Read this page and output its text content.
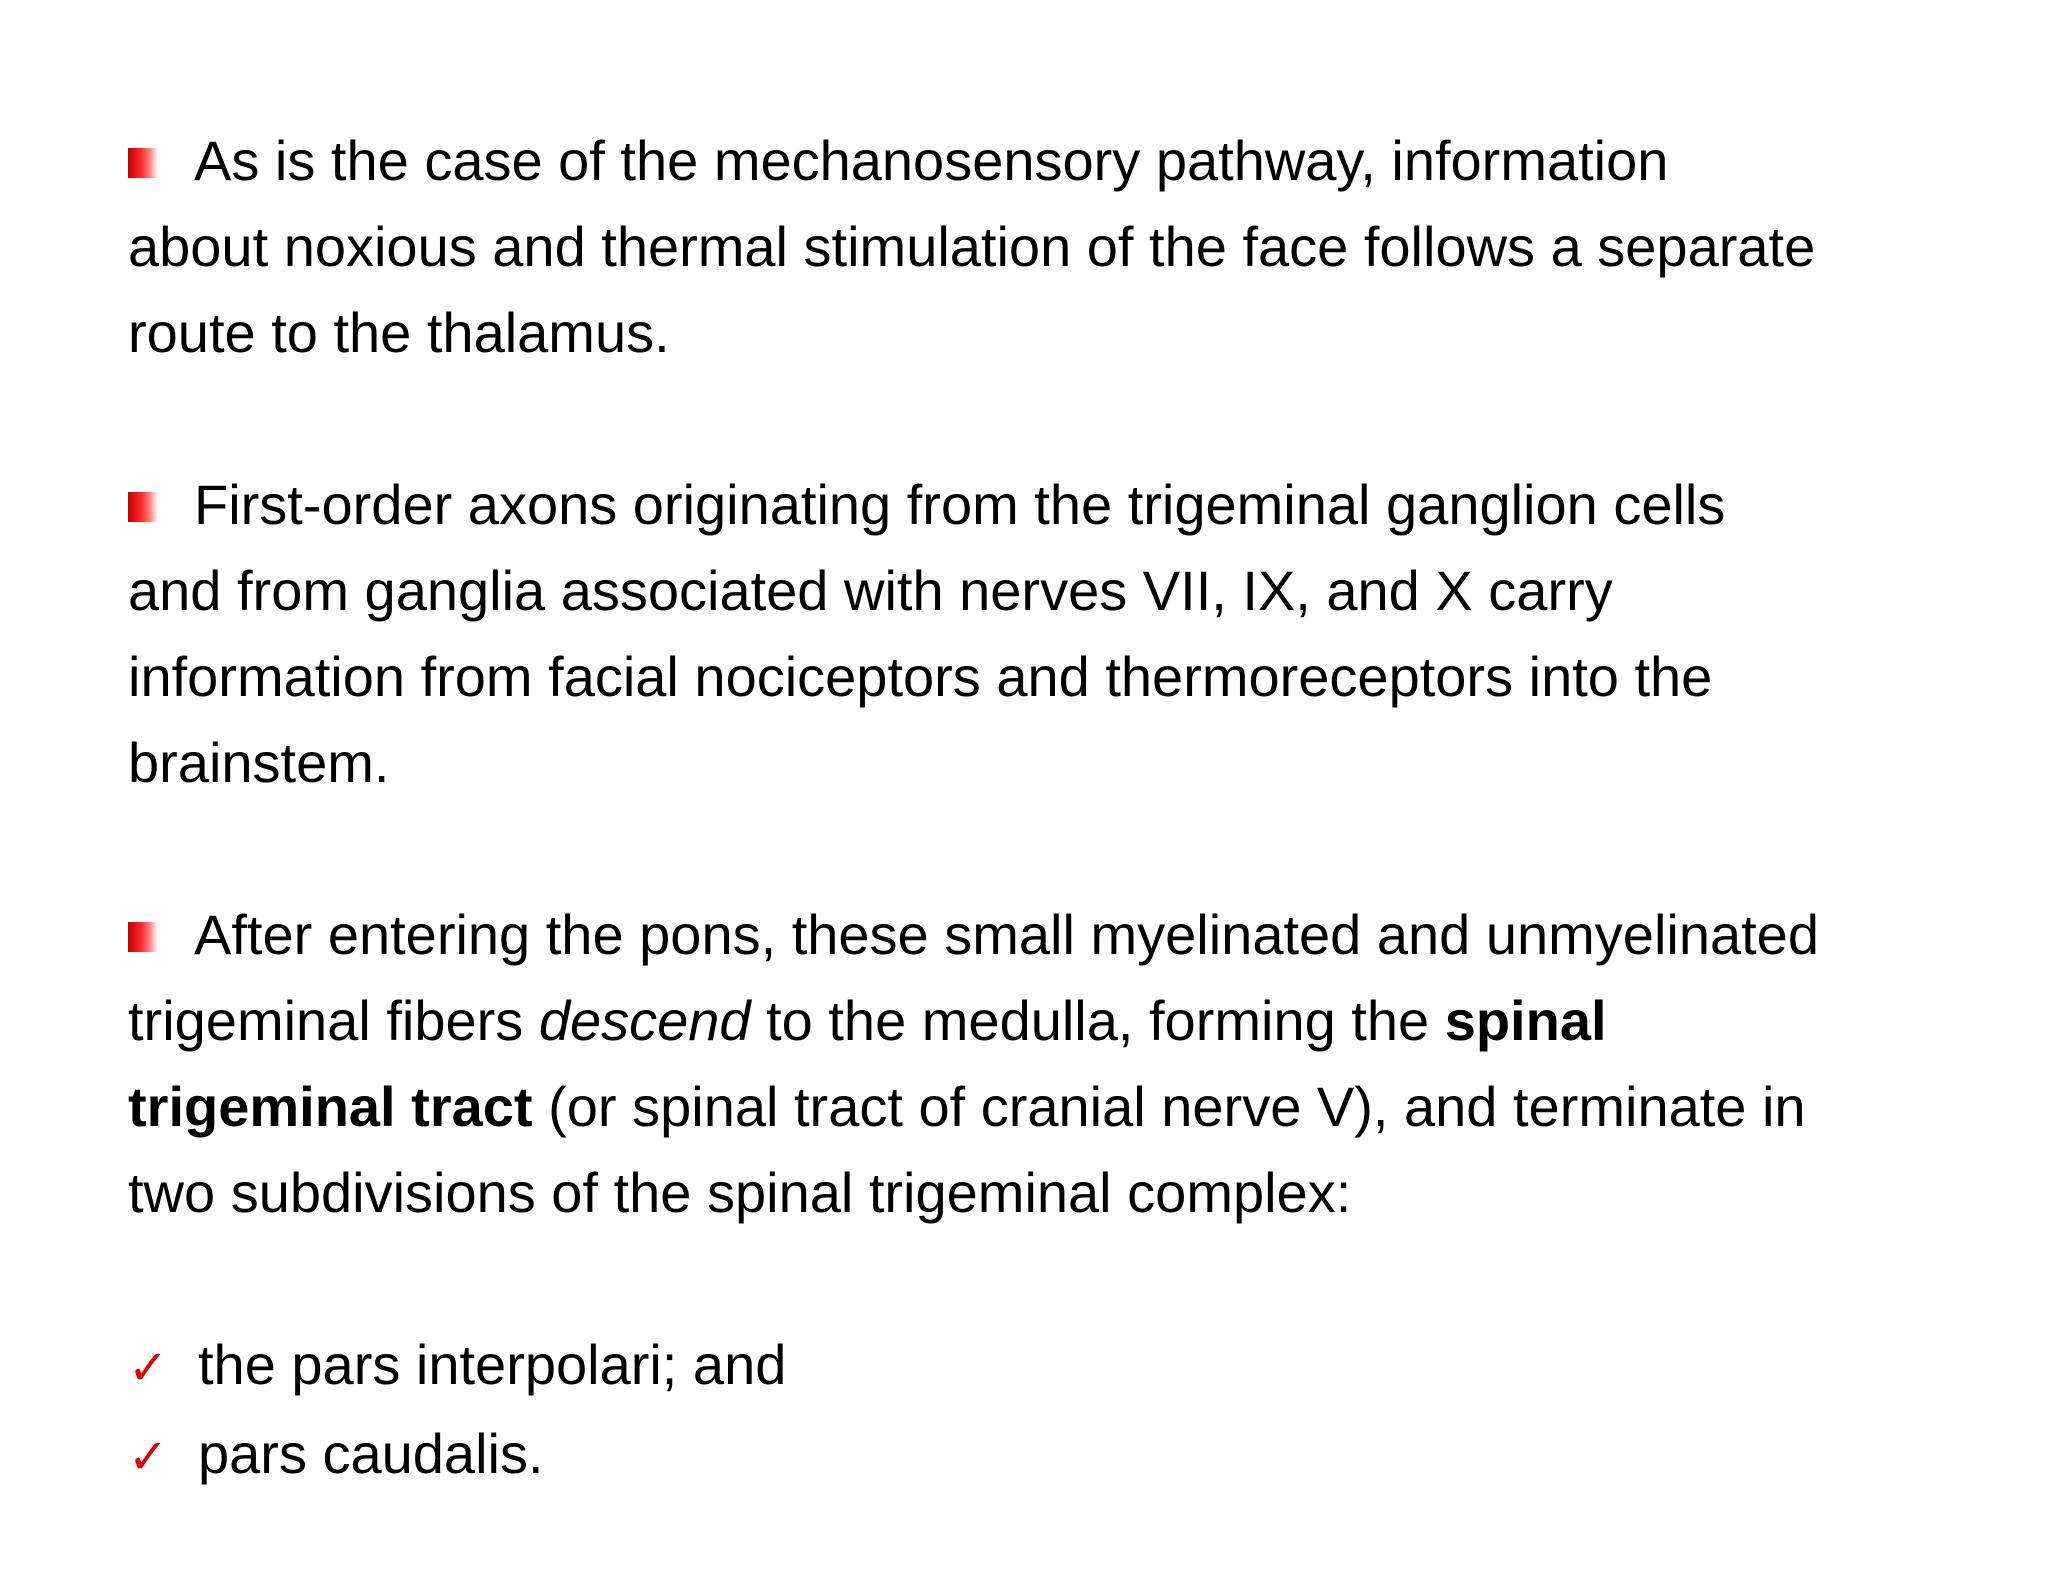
As is the case of the mechanosensory pathway, information
about noxious and thermal stimulation of the face follows a separate
route to the thalamus.

First-order axons originating from the trigeminal ganglion cells
and from ganglia associated with nerves VII, IX, and X carry
information from facial nociceptors and thermoreceptors into the
brainstem.

After entering the pons, these small myelinated and unmyelinated
trigeminal fibers descend to the medulla, forming the spinal
trigeminal tract (or spinal tract of cranial nerve V), and terminate in
two subdivisions of the spinal trigeminal complex:

✓ the pars interpolari; and

✓ pars caudalis.
